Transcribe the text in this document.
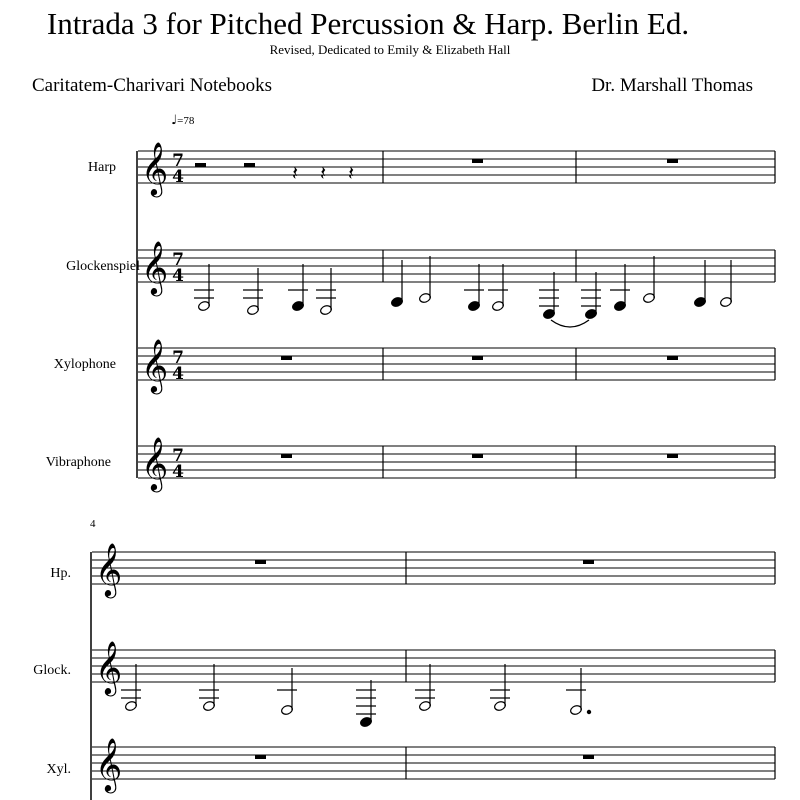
Intrada 3 for Pitched Percussion & Harp. Berlin Ed.
Revised, Dedicated to Emily & Elizabeth Hall
Caritatem-Charivari Notebooks	Dr. Marshall Thomas
♩=78
Harp
Glockenspiel
Xylophone
Vibraphone
4
Hp.
Glock.
Xyl.
𝄞
𝄞
𝄞
𝄞
7
4
7
4
7
4
7
4
𝄽 𝄽 𝄽
𝄞
𝄞
𝄞
